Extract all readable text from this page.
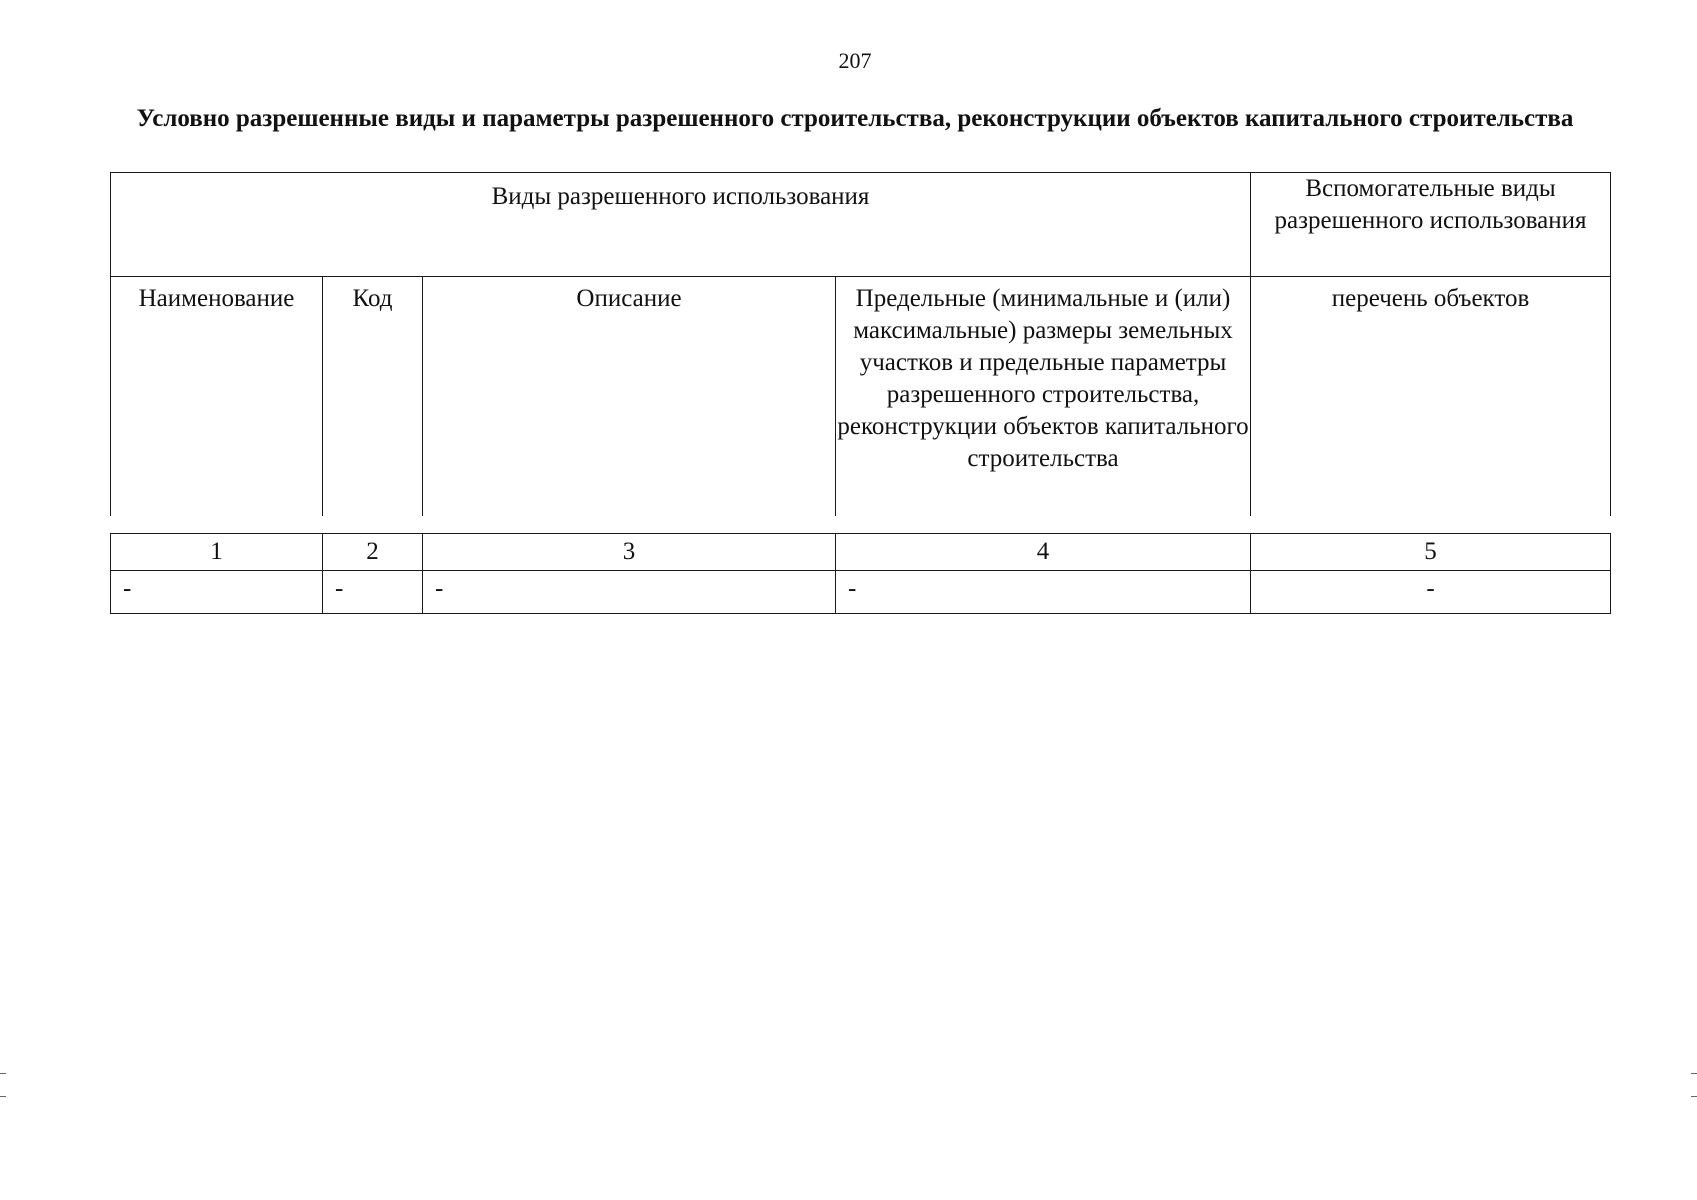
207
Условно разрешенные виды и параметры разрешенного строительства, реконструкции объектов капитального строительства
Виды разрешенного использования				Вспомогательные виды разрешенного использования
Наименование	Код	Описание	Предельные (минимальные и (или) максимальные) размеры земельных участков и предельные параметры разрешенного строительства, реконструкции объектов капитального строительства	перечень объектов
1	2	3	4	5
-	-	-	-	-
